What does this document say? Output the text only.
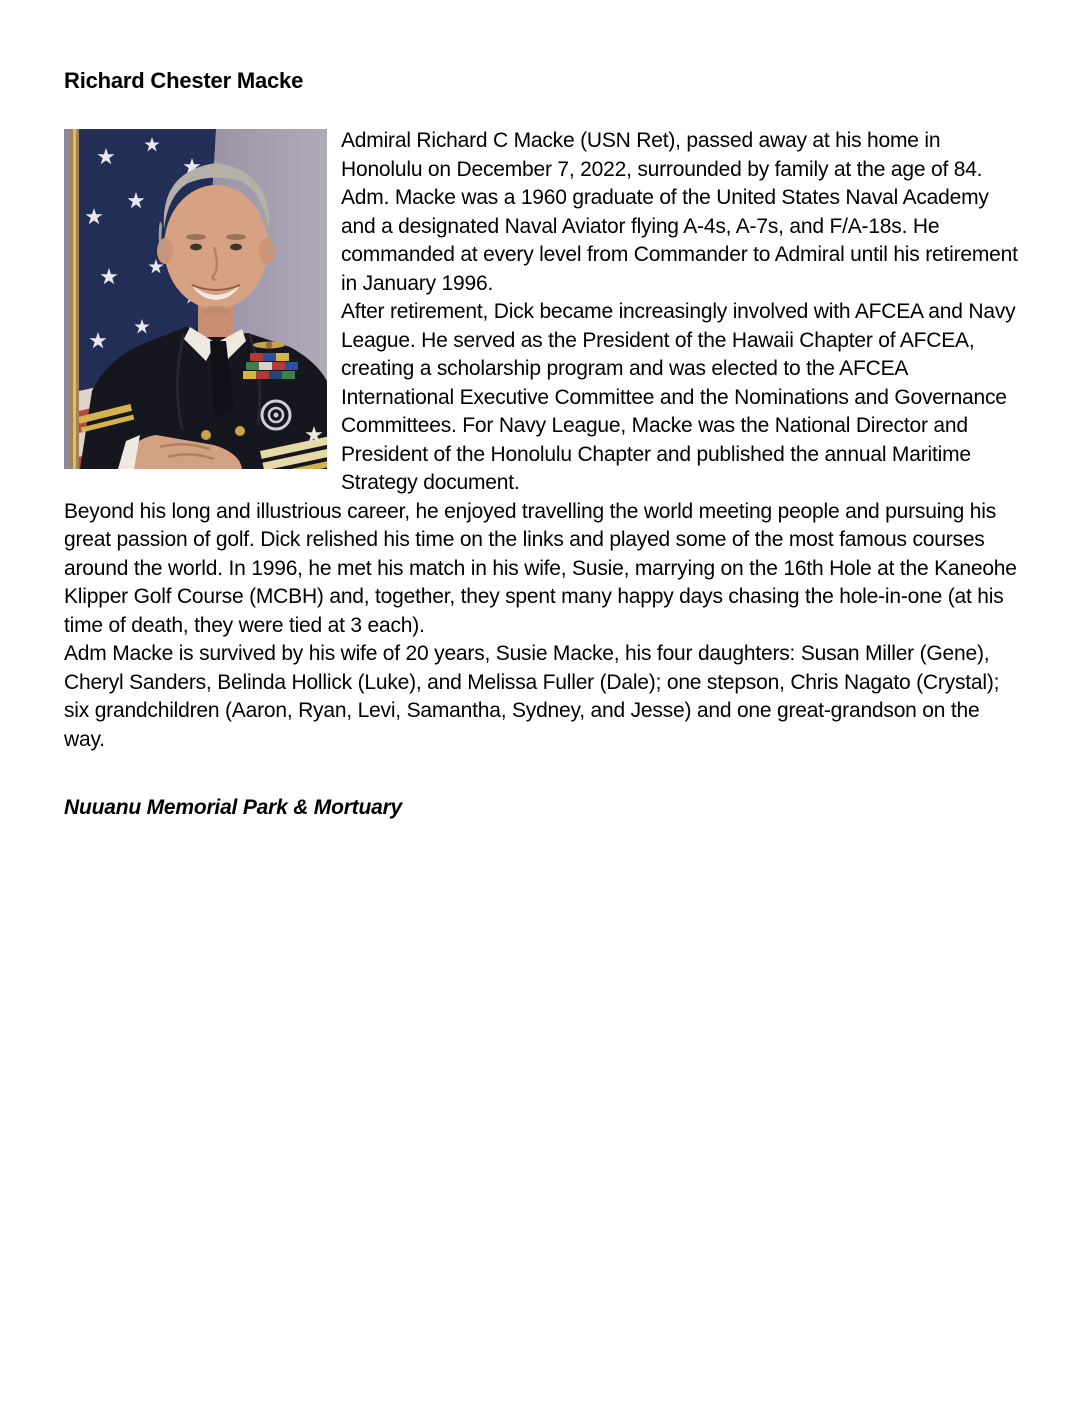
Richard Chester Macke

Admiral Richard C Macke (USN Ret), passed away at his home in Honolulu on December 7, 2022, surrounded by family at the age of 84. Adm. Macke was a 1960 graduate of the United States Naval Academy and a designated Naval Aviator flying A-4s, A-7s, and F/A-18s. He commanded at every level from Commander to Admiral until his retirement in January 1996.

After retirement, Dick became increasingly involved with AFCEA and Navy League. He served as the President of the Hawaii Chapter of AFCEA, creating a scholarship program and was elected to the AFCEA International Executive Committee and the Nominations and Governance Committees. For Navy League, Macke was the National Director and President of the Honolulu Chapter and published the annual Maritime Strategy document.

Beyond his long and illustrious career, he enjoyed travelling the world meeting people and pursuing his great passion of golf. Dick relished his time on the links and played some of the most famous courses around the world. In 1996, he met his match in his wife, Susie, marrying on the 16th Hole at the Kaneohe Klipper Golf Course (MCBH) and, together, they spent many happy days chasing the hole-in-one (at his time of death, they were tied at 3 each).

Adm Macke is survived by his wife of 20 years, Susie Macke, his four daughters: Susan Miller (Gene), Cheryl Sanders, Belinda Hollick (Luke), and Melissa Fuller (Dale); one stepson, Chris Nagato (Crystal); six grandchildren (Aaron, Ryan, Levi, Samantha, Sydney, and Jesse) and one great-grandson on the way.

Nuuanu Memorial Park & Mortuary
